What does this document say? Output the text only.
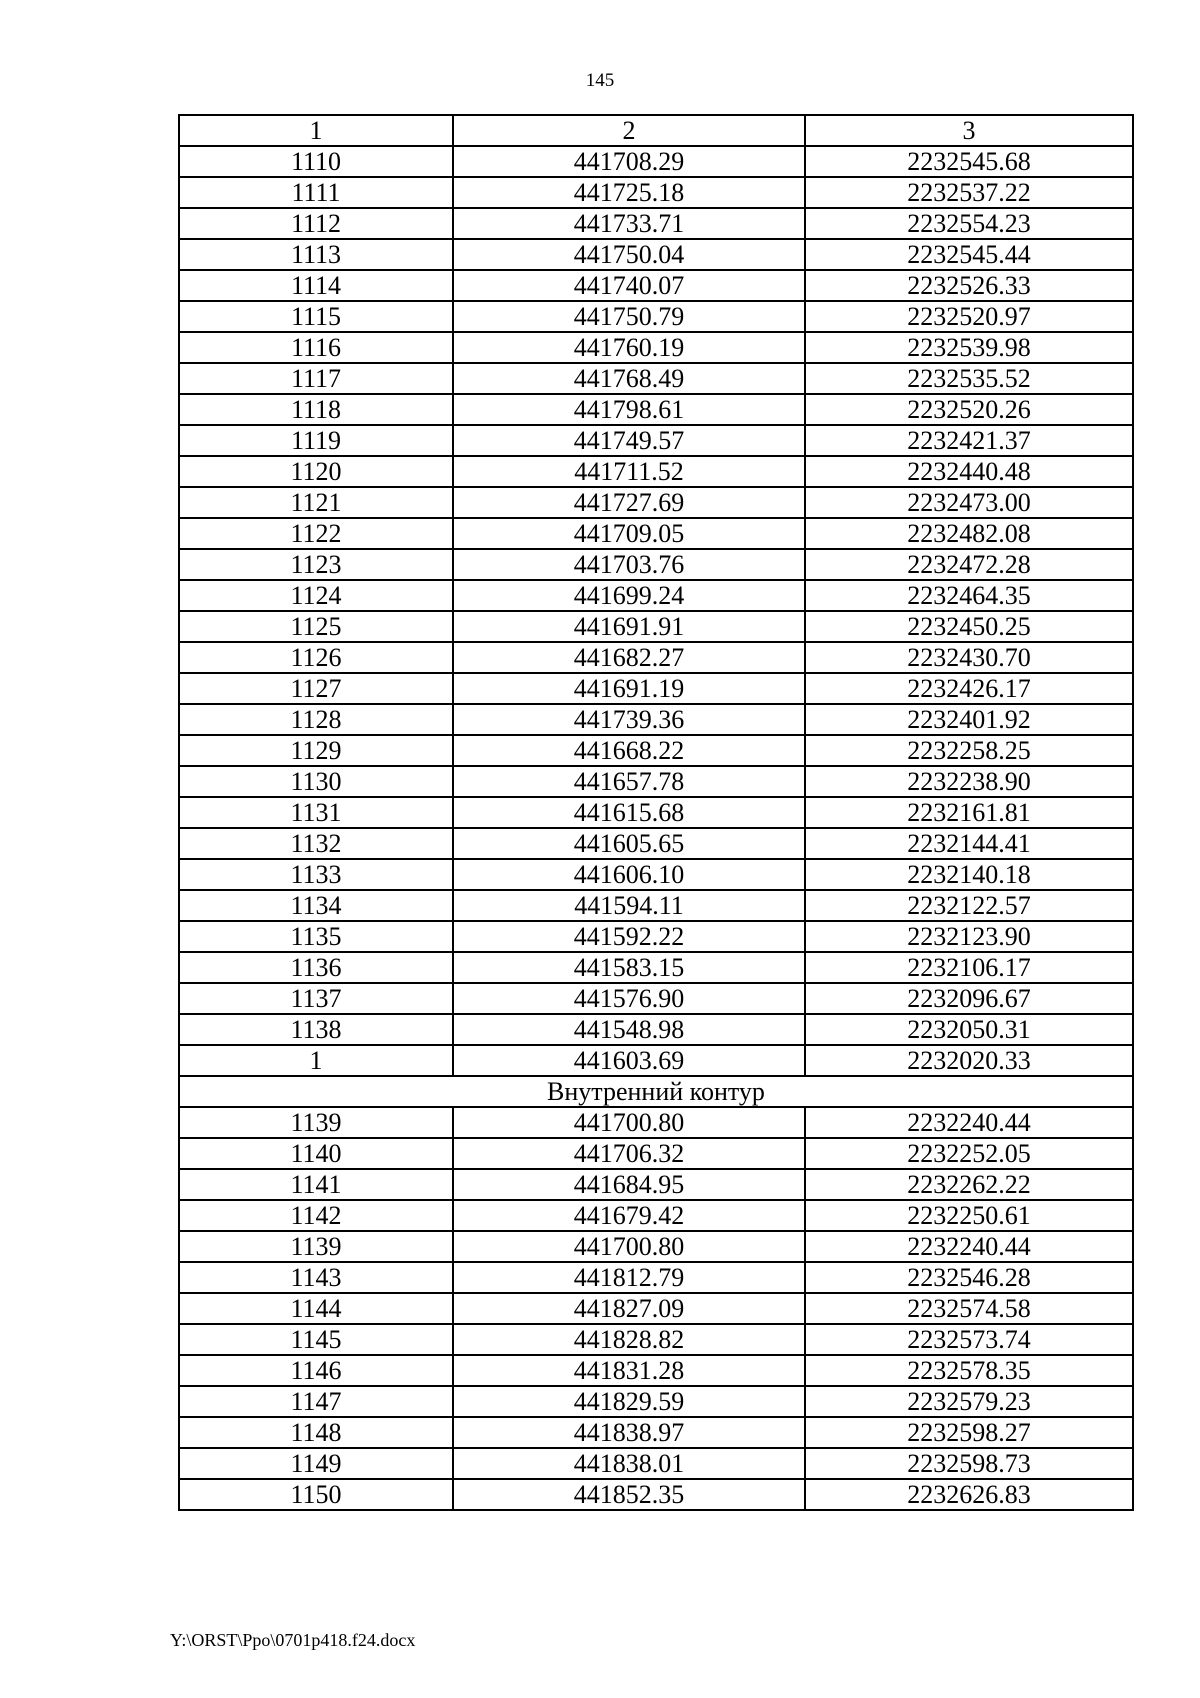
145
1	2	3
1110	441708.29	2232545.68
1111	441725.18	2232537.22
1112	441733.71	2232554.23
1113	441750.04	2232545.44
1114	441740.07	2232526.33
1115	441750.79	2232520.97
1116	441760.19	2232539.98
1117	441768.49	2232535.52
1118	441798.61	2232520.26
1119	441749.57	2232421.37
1120	441711.52	2232440.48
1121	441727.69	2232473.00
1122	441709.05	2232482.08
1123	441703.76	2232472.28
1124	441699.24	2232464.35
1125	441691.91	2232450.25
1126	441682.27	2232430.70
1127	441691.19	2232426.17
1128	441739.36	2232401.92
1129	441668.22	2232258.25
1130	441657.78	2232238.90
1131	441615.68	2232161.81
1132	441605.65	2232144.41
1133	441606.10	2232140.18
1134	441594.11	2232122.57
1135	441592.22	2232123.90
1136	441583.15	2232106.17
1137	441576.90	2232096.67
1138	441548.98	2232050.31
1	441603.69	2232020.33
Внутренний контур		
1139	441700.80	2232240.44
1140	441706.32	2232252.05
1141	441684.95	2232262.22
1142	441679.42	2232250.61
1139	441700.80	2232240.44
1143	441812.79	2232546.28
1144	441827.09	2232574.58
1145	441828.82	2232573.74
1146	441831.28	2232578.35
1147	441829.59	2232579.23
1148	441838.97	2232598.27
1149	441838.01	2232598.73
1150	441852.35	2232626.83
Y:\ORST\Ppo\0701p418.f24.docx
